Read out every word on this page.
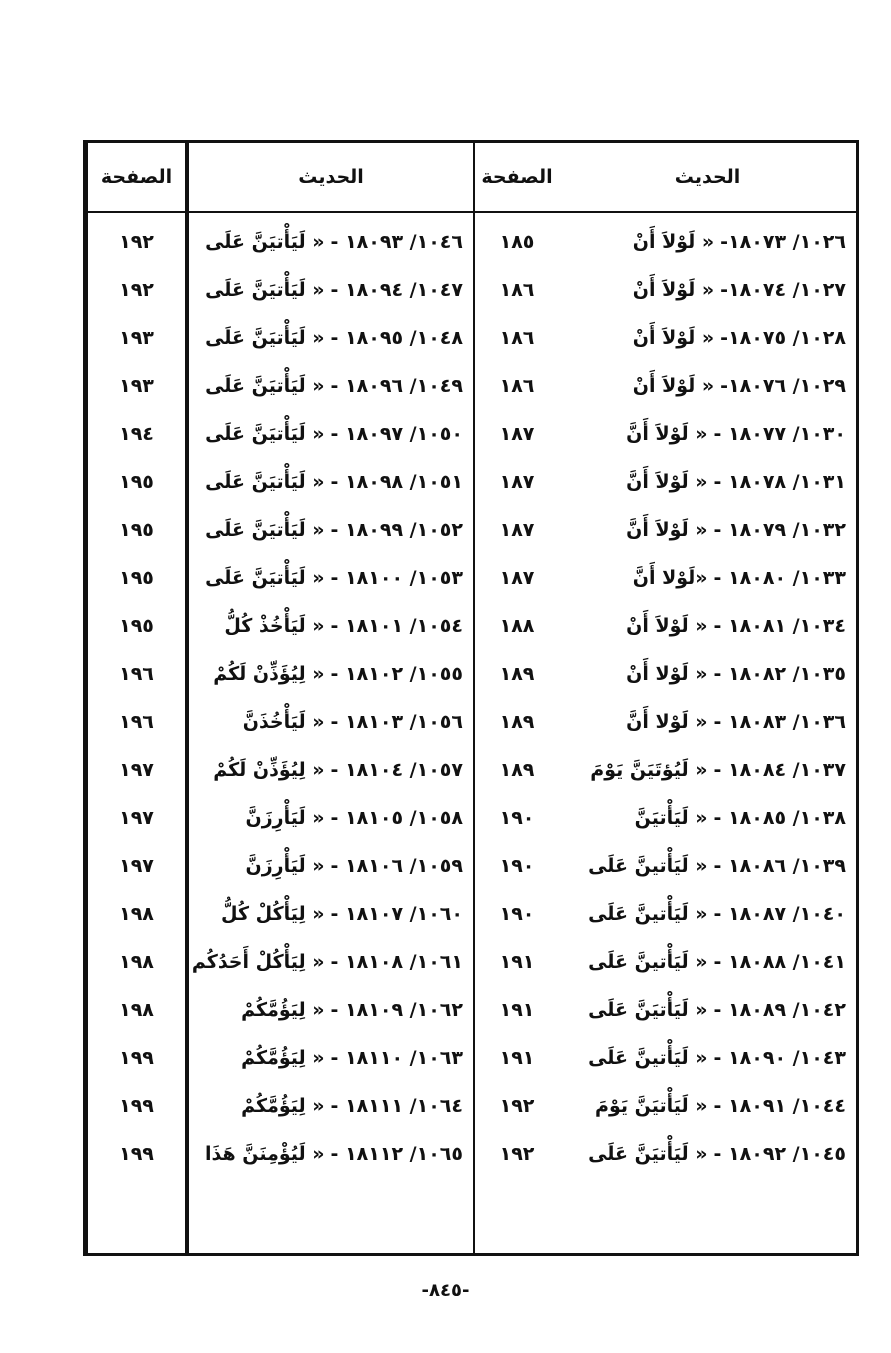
الحديث
١٠٢٦/ ١٨٠٧٣-
« لَوْلاَ أَنْ
١٠٢٧/ ١٨٠٧٤-
« لَوْلاَ أَنْ
١٠٢٨/ ١٨٠٧٥-
« لَوْلاَ أَنْ
١٠٢٩/ ١٨٠٧٦-
« لَوْلاَ أَنْ
١٠٣٠/ ١٨٠٧٧ -
« لَوْلاَ أَنَّ
١٠٣١/ ١٨٠٧٨ -
« لَوْلاَ أَنَّ
١٠٣٢/ ١٨٠٧٩ -
« لَوْلاَ أَنَّ
١٠٣٣/ ١٨٠٨٠ -
«لَوْلا أَنَّ
١٠٣٤/ ١٨٠٨١ -
« لَوْلاَ أَنْ
١٠٣٥/ ١٨٠٨٢ -
« لَوْلا أَنْ
١٠٣٦/ ١٨٠٨٣ -
« لَوْلا أَنَّ
١٠٣٧/ ١٨٠٨٤ -
« لَيُؤتَيَنَّ يَوْمَ
١٠٣٨/ ١٨٠٨٥ -
« لَيَأْتيَنَّ
١٠٣٩/ ١٨٠٨٦ -
« لَيَأْتينَّ عَلَى
١٠٤٠/ ١٨٠٨٧ -
« لَيَأْتينَّ عَلَى
١٠٤١/ ١٨٠٨٨ -
« لَيَأْتينَّ عَلَى
١٠٤٢/ ١٨٠٨٩ -
« لَيَأْتيَنَّ عَلَى
١٠٤٣/ ١٨٠٩٠ -
« لَيَأْتينَّ عَلَى
١٠٤٤/ ١٨٠٩١ -
« لَيَأْتيَنَّ يَوْمَ
١٠٤٥/ ١٨٠٩٢ -
« لَيَأْتيَنَّ عَلَى
الصفحة
١٨٥
١٨٦
١٨٦
١٨٦
١٨٧
١٨٧
١٨٧
١٨٧
١٨٨
١٨٩
١٨٩
١٨٩
١٩٠
١٩٠
١٩٠
١٩١
١٩١
١٩١
١٩٢
١٩٢
الحديث
١٠٤٦/ ١٨٠٩٣ -
« لَيَأْتيَنَّ عَلَى
١٠٤٧/ ١٨٠٩٤ -
« لَيَأْتيَنَّ عَلَى
١٠٤٨/ ١٨٠٩٥ -
« لَيَأْتيَنَّ عَلَى
١٠٤٩/ ١٨٠٩٦ -
« لَيَأْتيَنَّ عَلَى
١٠٥٠/ ١٨٠٩٧ -
« لَيَأْتيَنَّ عَلَى
١٠٥١/ ١٨٠٩٨ -
« لَيَأْتيَنَّ عَلَى
١٠٥٢/ ١٨٠٩٩ -
« لَيَأْتيَنَّ عَلَى
١٠٥٣/ ١٨١٠٠ -
« لَيَأْتيَنَّ عَلَى
١٠٥٤/ ١٨١٠١ -
« لَيَأْخُذْ كُلُّ
١٠٥٥/ ١٨١٠٢ -
« لِيُؤَذِّنْ لَكُمْ
١٠٥٦/ ١٨١٠٣ -
« لَيَأْخُذَنَّ
١٠٥٧/ ١٨١٠٤ -
« لِيُؤَذِّنْ لَكُمْ
١٠٥٨/ ١٨١٠٥ -
« لَيَأْرِزَنَّ
١٠٥٩/ ١٨١٠٦ -
« لَيَأْرِزَنَّ
١٠٦٠/ ١٨١٠٧ -
« لِيَأْكُلْ كُلُّ
١٠٦١/ ١٨١٠٨ -
« لِيَأْكُلْ أَحَدُكُم
١٠٦٢/ ١٨١٠٩ -
« لِيَؤُمَّكُمْ
١٠٦٣/ ١٨١١٠ -
« لِيَؤُمَّكُمْ
١٠٦٤/ ١٨١١١ -
« لِيَؤُمَّكُمْ
١٠٦٥/ ١٨١١٢ -
« لَيُؤْمِنَنَّ هَذَا
الصفحة
١٩٢
١٩٢
١٩٣
١٩٣
١٩٤
١٩٥
١٩٥
١٩٥
١٩٥
١٩٦
١٩٦
١٩٧
١٩٧
١٩٧
١٩٨
١٩٨
١٩٨
١٩٩
١٩٩
١٩٩
-٨٤٥-
